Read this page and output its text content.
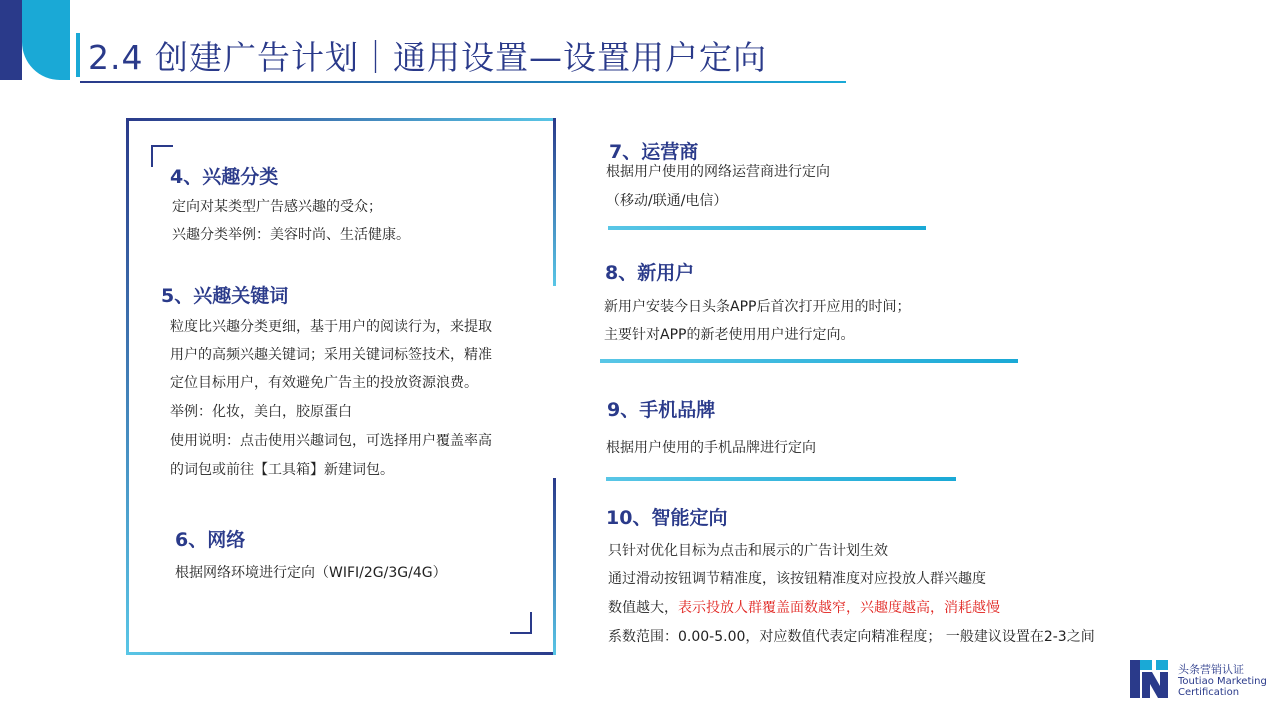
2.4 创建广告计划｜通用设置—设置用户定向
4、兴趣分类
定向对某类型广告感兴趣的受众；
兴趣分类举例：美容时尚、生活健康。
5、兴趣关键词
粒度比兴趣分类更细，基于用户的阅读行为，来提取
用户的高频兴趣关键词；采用关键词标签技术，精准
定位目标用户，有效避免广告主的投放资源浪费。
举例：化妆，美白，胶原蛋白
使用说明：点击使用兴趣词包，可选择用户覆盖率高
的词包或前往【工具箱】新建词包。
6、网络
根据网络环境进行定向（WIFI/2G/3G/4G）
7、运营商
根据用户使用的网络运营商进行定向
（移动/联通/电信）
8、新用户
新用户安装今日头条APP后首次打开应用的时间；
主要针对APP的新老使用用户进行定向。
9、手机品牌
根据用户使用的手机品牌进行定向
10、智能定向
只针对优化目标为点击和展示的广告计划生效
通过滑动按钮调节精准度，该按钮精准度对应投放人群兴趣度
数值越大，表示投放人群覆盖面数越窄，兴趣度越高，消耗越慢
系数范围：0.00-5.00，对应数值代表定向精准程度； 一般建议设置在2-3之间
头条营销认证
Toutiao Marketing
Certification
